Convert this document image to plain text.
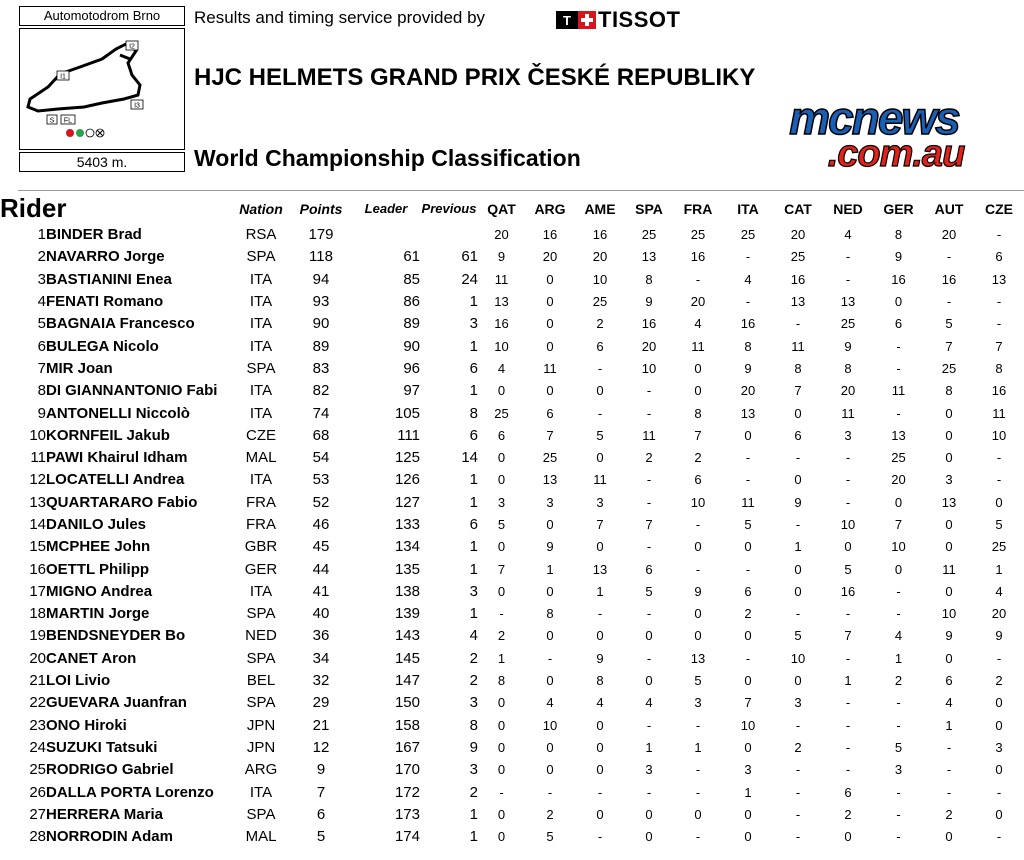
Automotodrom Brno
I1
I2
I3
S FL
5403 m.
Results and timing service provided by	T	TISSOT
HJC HELMETS GRAND PRIX ČESKÉ REPUBLIKY
World Championship Classification
mcnews
.com.au
Rider		Nation	Points	Leader	Previous	QAT	ARG	AME	SPA	FRA	ITA	CAT	NED	GER	AUT	CZE
1	BINDER Brad	RSA	179			20	16	16	25	25	25	20	4	8	20	-
2	NAVARRO Jorge	SPA	118	61	61	9	20	20	13	16	-	25	-	9	-	6
3	BASTIANINI Enea	ITA	94	85	24	11	0	10	8	-	4	16	-	16	16	13
4	FENATI Romano	ITA	93	86	1	13	0	25	9	20	-	13	13	0	-	-
5	BAGNAIA Francesco	ITA	90	89	3	16	0	2	16	4	16	-	25	6	5	-
6	BULEGA Nicolo	ITA	89	90	1	10	0	6	20	11	8	11	9	-	7	7
7	MIR Joan	SPA	83	96	6	4	11	-	10	0	9	8	8	-	25	8
8	DI GIANNANTONIO Fabi	ITA	82	97	1	0	0	0	-	0	20	7	20	11	8	16
9	ANTONELLI Niccolò	ITA	74	105	8	25	6	-	-	8	13	0	11	-	0	11
10	KORNFEIL Jakub	CZE	68	111	6	6	7	5	11	7	0	6	3	13	0	10
11	PAWI Khairul Idham	MAL	54	125	14	0	25	0	2	2	-	-	-	25	0	-
12	LOCATELLI Andrea	ITA	53	126	1	0	13	11	-	6	-	0	-	20	3	-
13	QUARTARARO Fabio	FRA	52	127	1	3	3	3	-	10	11	9	-	0	13	0
14	DANILO Jules	FRA	46	133	6	5	0	7	7	-	5	-	10	7	0	5
15	MCPHEE John	GBR	45	134	1	0	9	0	-	0	0	1	0	10	0	25
16	OETTL Philipp	GER	44	135	1	7	1	13	6	-	-	0	5	0	11	1
17	MIGNO Andrea	ITA	41	138	3	0	0	1	5	9	6	0	16	-	0	4
18	MARTIN Jorge	SPA	40	139	1	-	8	-	-	0	2	-	-	-	10	20
19	BENDSNEYDER Bo	NED	36	143	4	2	0	0	0	0	0	5	7	4	9	9
20	CANET Aron	SPA	34	145	2	1	-	9	-	13	-	10	-	1	0	-
21	LOI Livio	BEL	32	147	2	8	0	8	0	5	0	0	1	2	6	2
22	GUEVARA Juanfran	SPA	29	150	3	0	4	4	4	3	7	3	-	-	4	0
23	ONO Hiroki	JPN	21	158	8	0	10	0	-	-	10	-	-	-	1	0
24	SUZUKI Tatsuki	JPN	12	167	9	0	0	0	1	1	0	2	-	5	-	3
25	RODRIGO Gabriel	ARG	9	170	3	0	0	0	3	-	3	-	-	3	-	0
26	DALLA PORTA Lorenzo	ITA	7	172	2	-	-	-	-	-	1	-	6	-	-	-
27	HERRERA Maria	SPA	6	173	1	0	2	0	0	0	0	-	2	-	2	0
28	NORRODIN Adam	MAL	5	174	1	0	5	-	0	-	0	-	0	-	0	-
